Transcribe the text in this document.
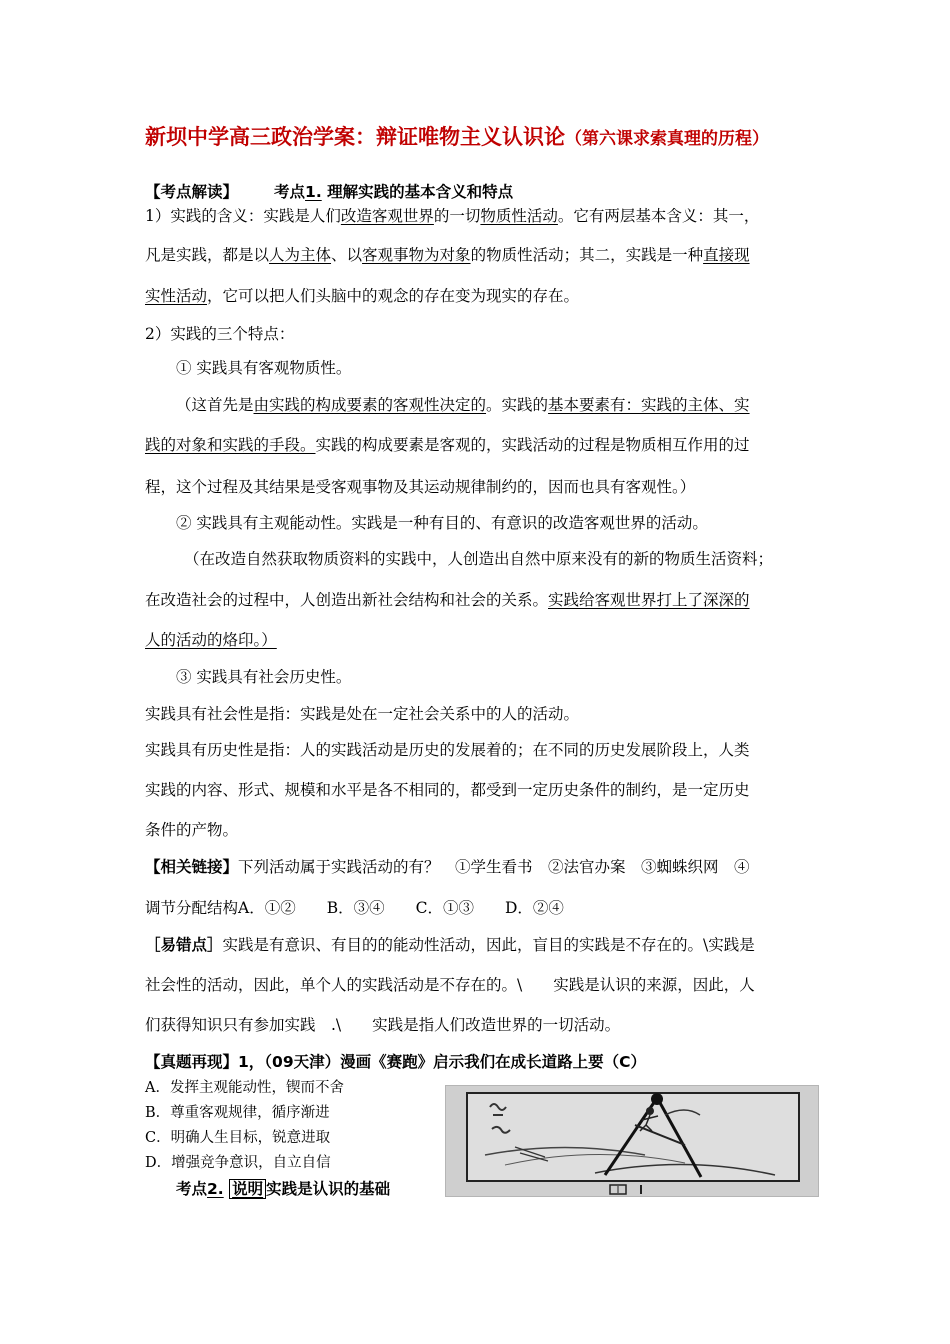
新坝中学高三政治学案：辩证唯物主义认识论（第六课求索真理的历程）
【考点解读】 考点1. 理解实践的基本含义和特点
1）实践的含义：实践是人们改造客观世界的一切物质性活动。它有两层基本含义：其一，
凡是实践，都是以人为主体、以客观事物为对象的物质性活动；其二，实践是一种直接现
实性活动，它可以把人们头脑中的观念的存在变为现实的存在。
2）实践的三个特点：
① 实践具有客观物质性。
（这首先是由实践的构成要素的客观性决定的。实践的基本要素有：实践的主体、实
践的对象和实践的手段。实践的构成要素是客观的，实践活动的过程是物质相互作用的过
程，这个过程及其结果是受客观事物及其运动规律制约的，因而也具有客观性。）
② 实践具有主观能动性。实践是一种有目的、有意识的改造客观世界的活动。
（在改造自然获取物质资料的实践中，人创造出自然中原来没有的新的物质生活资料；
在改造社会的过程中，人创造出新社会结构和社会的关系。实践给客观世界打上了深深的
人的活动的烙印。）
③ 实践具有社会历史性。
实践具有社会性是指：实践是处在一定社会关系中的人的活动。
实践具有历史性是指：人的实践活动是历史的发展着的；在不同的历史发展阶段上，人类
实践的内容、形式、规模和水平是各不相同的，都受到一定历史条件的制约，是一定历史
条件的产物。
【相关链接】下列活动属于实践活动的有？　①学生看书　②法官办案　③蜘蛛织网　④
调节分配结构A．①②　　B．③④　　C．①③　　D．②④
［易错点］实践是有意识、有目的的能动性活动，因此，盲目的实践是不存在的。\实践是
社会性的活动，因此，单个人的实践活动是不存在的。\　　实践是认识的来源，因此，人
们获得知识只有参加实践　.\　　实践是指人们改造世界的一切活动。
【真题再现】1，（09天津）漫画《赛跑》启示我们在成长道路上要（C）
A．发挥主观能动性，锲而不舍
B．尊重客观规律，循序渐进
C．明确人生目标，锐意进取
D．增强竞争意识，自立自信
考点2. 说明 实践是认识的基础
